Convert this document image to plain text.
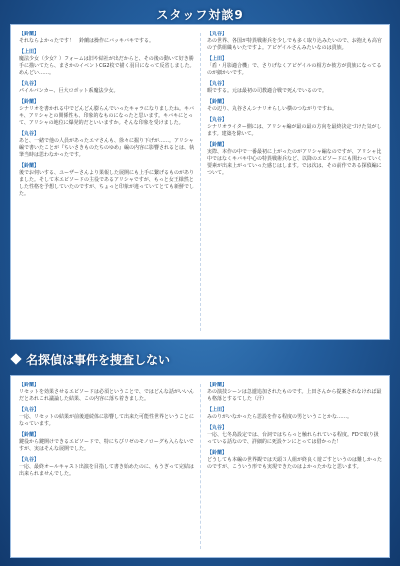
スタッフ対談9
【鈴蘭】
それならよかったです！　鈴蘭は操作にバッキバキでする。
【上田】
魔法少女（少女？）フォームは旧や結社が出だからと、その後の動いて好き勝手に描いてたら、まさかのイベントCG2枚で描く羽目になって反省しました。めんどい……。
【丸谷】
パイルバンカー、巨大ロボット系魔法少女。
【鈴蘭】
シナリオを書かれる中でどんどん膨らんでいったキャラになりましたね。キバキ、アリシャとの関係性も、印象的なものになったと思います。キバキにとって、アリシャの地位に爆発的だといいますか。そんな印象を受けました。
【丸谷】
あと、一緒で他の人員があったエマさんも、徐々に掘り下げが……。アリシャ編で書いたことが『ちいさきものたちのゆめ』編の内容に影響されるとは、執筆当時は思わなかったです。
【鈴蘭】
後でお伺いする、ユーザーさんより果報した展開にも上手に繋げるものがありました。そして本エピソードの主役であるアリシャですが、もっと女王様然とした性格を予想していたのですが、ちょっと印象が違っていてとても新鮮でした。
【丸谷】
あの世界、各国が特異戦術兵を少しでも多く取り込みたいので、お抱えも高官の子供組織もいたですよ。アビゲイルさんみたいなのは貴族。
【上田】
「盾・月影適合機」で、さりげなくアビゲイルの相方か彼方が貴族になってるのが細かいです。
【丸谷】
暇でする。元は最初の司教適合戦で死んでいるので。
【鈴蘭】
その辺り、丸谷さんシナリオらしい横のつながりですね。
【丸谷】
シナリオライター側には、アリシャ編が最の最の方向を最終決定づけた気がします。建築を除いて。
【鈴蘭】
実際、本作の中で一番最初に上がったのがアリシャ編なのですが、アリシャ比中ではなくキバキ中心の特異戦術兵など、以降のエピソードにも関わっていく要素が出来上がっていった感じはします。では次は、その前作である探偵編について。
名探偵は事件を捜査しない
【鈴蘭】
リセットを効果させるエピソードは必須ということで、ではどんな話がいいんだとあれこれ議論した結果、この内容に落ち着きました。
【丸谷】
一応、リセットの結果が前後連続体に影響して出来た可能性世界ということになっています。
【鈴蘭】
鍵役から鍵開けできるエピソードで、特にちびリゼのモノローグも入らないですが、実はそんな展開でした。
【丸谷】
一応、最終オールキャスト出演を目指して書き始めたのに、もうぎって完結は出来られませんでした。
【鈴蘭】
あの演技シーンは急遽追加されたものです。上田さんから提案されなければ最も格落とするてした（汗）
【上田】
みのりがいなかったら思設を作る程度の男ということかな……。
【丸谷】
一応、七冬鳥設定では、台詞ではちらっと触れられている程度。FDで取り扱っている話なので、詳細的に死設ケンにとっては借かった！
【鈴蘭】
どうしても本編の世界観では天頭３人組が終良く遊ごすというのは難しかったのですが、こういう形でも実現できたのはよかったかなと思います。
